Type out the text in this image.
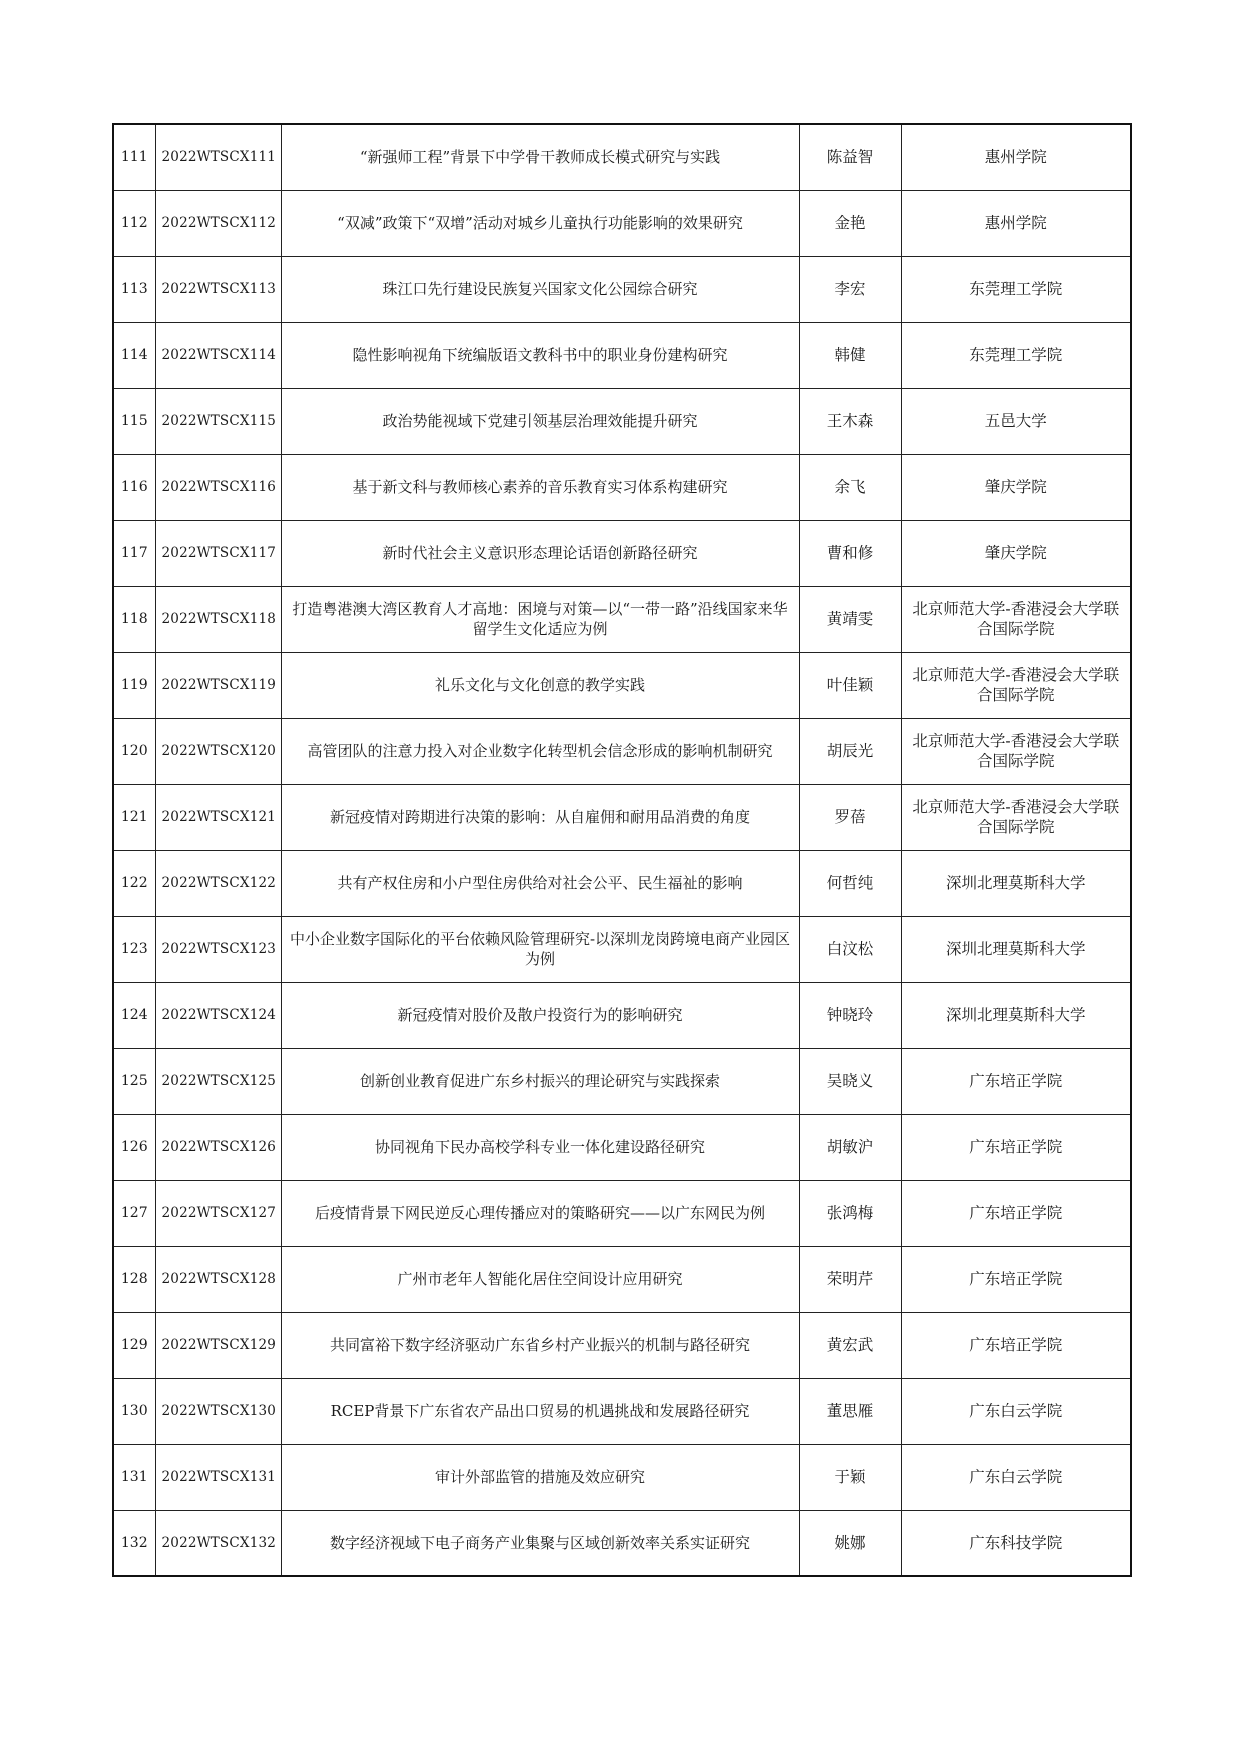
111	2022WTSCX111	“新强师工程”背景下中学骨干教师成长模式研究与实践	陈益智	惠州学院
112	2022WTSCX112	“双减”政策下“双增”活动对城乡儿童执行功能影响的效果研究	金艳	惠州学院
113	2022WTSCX113	珠江口先行建设民族复兴国家文化公园综合研究	李宏	东莞理工学院
114	2022WTSCX114	隐性影响视角下统编版语文教科书中的职业身份建构研究	韩健	东莞理工学院
115	2022WTSCX115	政治势能视域下党建引领基层治理效能提升研究	王木森	五邑大学
116	2022WTSCX116	基于新文科与教师核心素养的音乐教育实习体系构建研究	余飞	肇庆学院
117	2022WTSCX117	新时代社会主义意识形态理论话语创新路径研究	曹和修	肇庆学院
118	2022WTSCX118	打造粤港澳大湾区教育人才高地：困境与对策—以“一带一路”沿线国家来华留学生文化适应为例	黄靖雯	北京师范大学-香港浸会大学联合国际学院
119	2022WTSCX119	礼乐文化与文化创意的教学实践	叶佳颖	北京师范大学-香港浸会大学联合国际学院
120	2022WTSCX120	高管团队的注意力投入对企业数字化转型机会信念形成的影响机制研究	胡辰光	北京师范大学-香港浸会大学联合国际学院
121	2022WTSCX121	新冠疫情对跨期进行决策的影响：从自雇佣和耐用品消费的角度	罗蓓	北京师范大学-香港浸会大学联合国际学院
122	2022WTSCX122	共有产权住房和小户型住房供给对社会公平、民生福祉的影响	何哲纯	深圳北理莫斯科大学
123	2022WTSCX123	中小企业数字国际化的平台依赖风险管理研究-以深圳龙岗跨境电商产业园区为例	白汶松	深圳北理莫斯科大学
124	2022WTSCX124	新冠疫情对股价及散户投资行为的影响研究	钟晓玲	深圳北理莫斯科大学
125	2022WTSCX125	创新创业教育促进广东乡村振兴的理论研究与实践探索	吴晓义	广东培正学院
126	2022WTSCX126	协同视角下民办高校学科专业一体化建设路径研究	胡敏沪	广东培正学院
127	2022WTSCX127	后疫情背景下网民逆反心理传播应对的策略研究——以广东网民为例	张鸿梅	广东培正学院
128	2022WTSCX128	广州市老年人智能化居住空间设计应用研究	荣明芹	广东培正学院
129	2022WTSCX129	共同富裕下数字经济驱动广东省乡村产业振兴的机制与路径研究	黄宏武	广东培正学院
130	2022WTSCX130	RCEP背景下广东省农产品出口贸易的机遇挑战和发展路径研究	董思雁	广东白云学院
131	2022WTSCX131	审计外部监管的措施及效应研究	于颖	广东白云学院
132	2022WTSCX132	数字经济视域下电子商务产业集聚与区域创新效率关系实证研究	姚娜	广东科技学院
